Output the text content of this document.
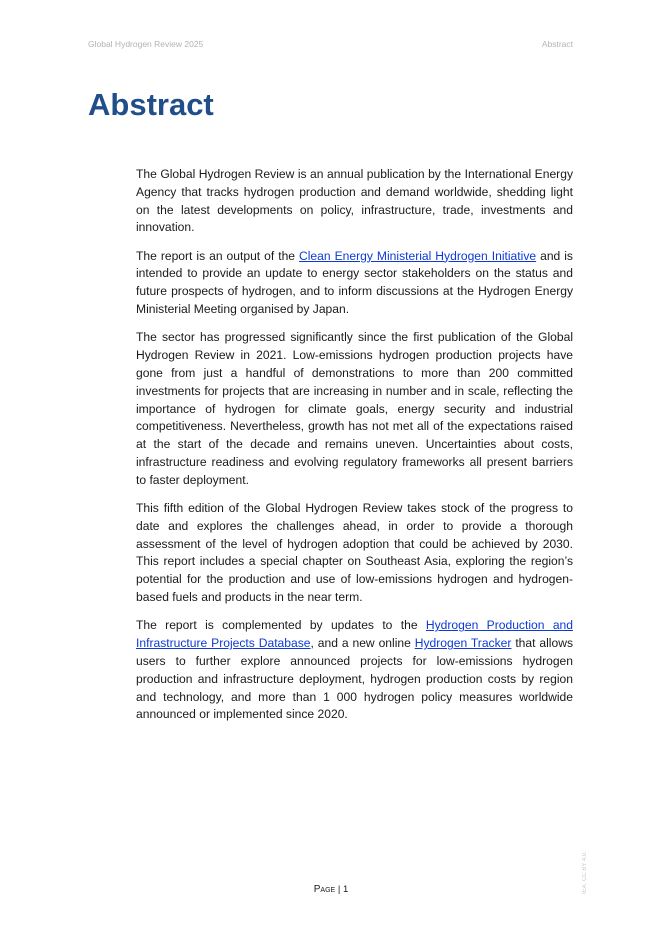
Global Hydrogen Review 2025	Abstract
Abstract

The Global Hydrogen Review is an annual publication by the International Energy Agency that tracks hydrogen production and demand worldwide, shedding light on the latest developments on policy, infrastructure, trade, investments and innovation.

The report is an output of the Clean Energy Ministerial Hydrogen Initiative and is intended to provide an update to energy sector stakeholders on the status and future prospects of hydrogen, and to inform discussions at the Hydrogen Energy Ministerial Meeting organised by Japan.

The sector has progressed significantly since the first publication of the Global Hydrogen Review in 2021. Low-emissions hydrogen production projects have gone from just a handful of demonstrations to more than 200 committed investments for projects that are increasing in number and in scale, reflecting the importance of hydrogen for climate goals, energy security and industrial competitiveness. Nevertheless, growth has not met all of the expectations raised at the start of the decade and remains uneven. Uncertainties about costs, infrastructure readiness and evolving regulatory frameworks all present barriers to faster deployment.

This fifth edition of the Global Hydrogen Review takes stock of the progress to date and explores the challenges ahead, in order to provide a thorough assessment of the level of hydrogen adoption that could be achieved by 2030. This report includes a special chapter on Southeast Asia, exploring the region’s potential for the production and use of low-emissions hydrogen and hydrogen-based fuels and products in the near term.

The report is complemented by updates to the Hydrogen Production and Infrastructure Projects Database, and a new online Hydrogen Tracker that allows users to further explore announced projects for low-emissions hydrogen production and infrastructure deployment, hydrogen production costs by region and technology, and more than 1 000 hydrogen policy measures worldwide announced or implemented since 2020.

IEA. CC BY 4.0.
Page | 1
